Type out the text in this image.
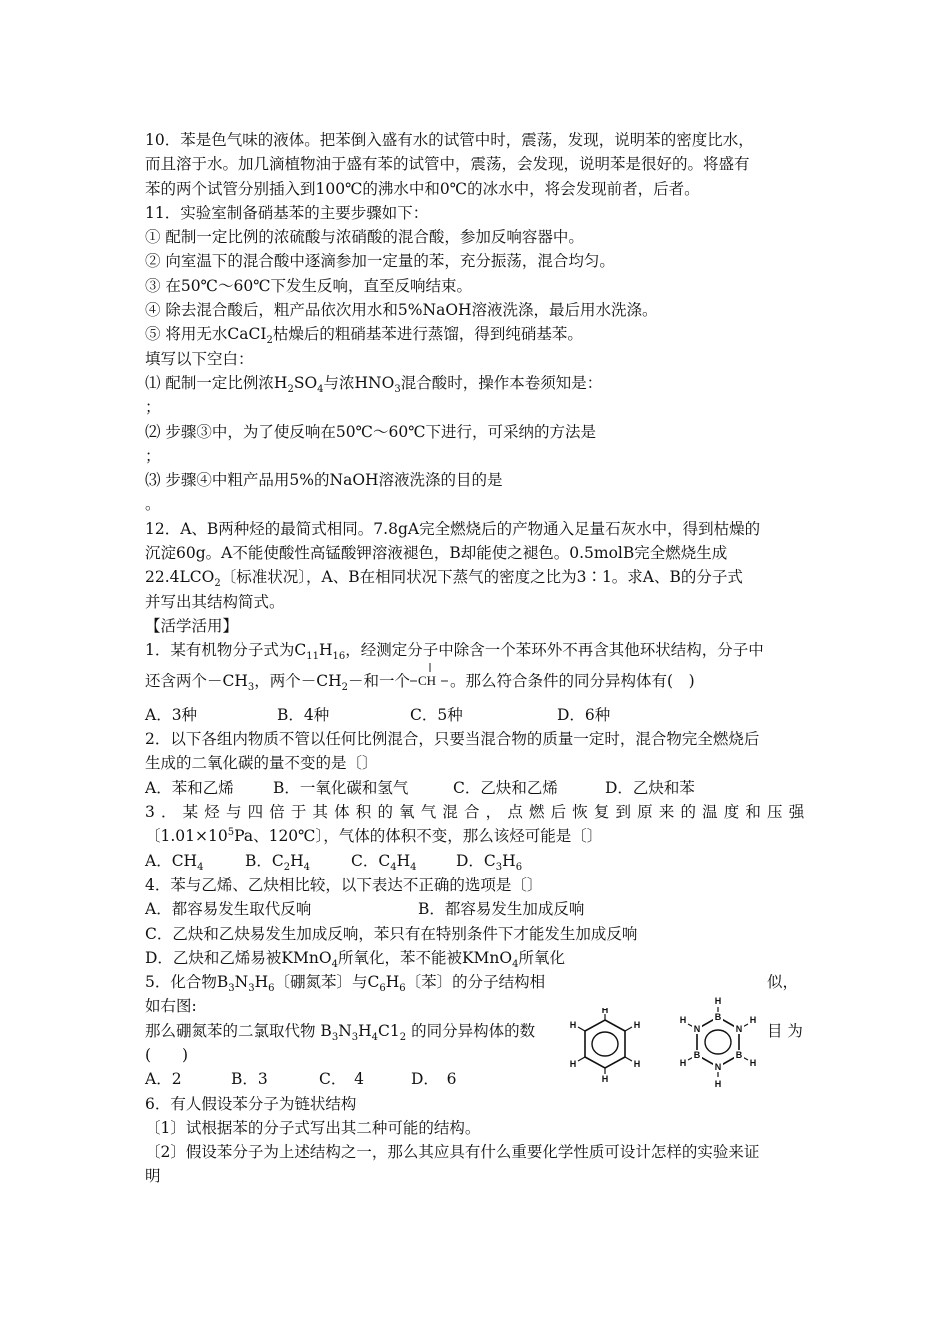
10．苯是色气味的液体。把苯倒入盛有水的试管中时，震荡，发现，说明苯的密度比水，
而且溶于水。加几滴植物油于盛有苯的试管中，震荡，会发现，说明苯是很好的。将盛有
苯的两个试管分别插入到100℃的沸水中和0℃的冰水中，将会发现前者，后者。
11．实验室制备硝基苯的主要步骤如下：
① 配制一定比例的浓硫酸与浓硝酸的混合酸，参加反响容器中。
② 向室温下的混合酸中逐滴参加一定量的苯，充分振荡，混合均匀。
③ 在50℃～60℃下发生反响，直至反响结束。
④ 除去混合酸后，粗产品依次用水和5%NaOH溶液洗涤，最后用水洗涤。
⑤ 将用无水CaCI$_2$枯燥后的粗硝基苯进行蒸馏，得到纯硝基苯。
填写以下空白：
⑴ 配制一定比例浓$H_2SO_4$与浓$HNO_3$混合酸时，操作本卷须知是：
；
⑵ 步骤③中，为了使反响在50℃～60℃下进行，可采纳的方法是
；
⑶ 步骤④中粗产品用5%的NaOH溶液洗涤的目的是
。
12．A、B两种烃的最简式相同。7.8gA完全燃烧后的产物通入足量石灰水中，得到枯燥的
沉淀60g。A不能使酸性高锰酸钾溶液褪色，B却能使之褪色。0.5molB完全燃烧生成
$22.4LCO_2$〔标准状况〕，A、B在相同状况下蒸气的密度之比为3∶1。求A、B的分子式
并写出其结构简式。
【活学活用】
1．某有机物分子式为$C_{11}H_{16}$，经测定分子中除含一个苯环外不再含其他环状结构，分子中
还含两个$-CH_3$，两个$-CH_2-$和一个 CH 。那么符合条件的同分异构体有(　)
A．3种	B．4种	C．5种	D．6种
2．以下各组内物质不管以任何比例混合，只要当混合物的质量一定时，混合物完全燃烧后
生成的二氧化碳的量不变的是〔〕
A．苯和乙烯	B．一氧化碳和氢气	C．乙炔和乙烯	D．乙炔和苯
3．某烃与四倍于其体积的氧气混合，点燃后恢复到原来的温度和压强
〔$1.01\times 10^5Pa$、120℃〕，气体的体积不变，那么该烃可能是〔〕
A．$CH_4$	B．$C_2H_4$	C．$C_4H_4$	D．$C_3H_6$
4．苯与乙烯、乙炔相比较，以下表达不正确的选项是〔〕
A．都容易发生取代反响	B．都容易发生加成反响
C．乙炔和乙炔易发生加成反响，苯只有在特别条件下才能发生加成反响
D．乙炔和乙烯易被KMnO$_4$所氧化，苯不能被KMnO$_4$所氧化
5．化合物$B_3N_3H_6$〔硼氮苯〕与$C_6H_6$〔苯〕的分子结构相	似，
如右图:
那么硼氮苯的二氯取代物 $B_3N_3H_4C1_2$ 的同分异构体的数	目 为
(　　)
A．2	B．3	C．　4	D．　6
6．有人假设苯分子为链状结构
〔1〕试根据苯的分子式写出其二种可能的结构。
〔2〕假设苯分子为上述结构之一，那么其应具有什么重要化学性质可设计怎样的实验来证
明
H
H
H
H
H
H
B
N
B
N
B
N
H
H
H
H
H
H
